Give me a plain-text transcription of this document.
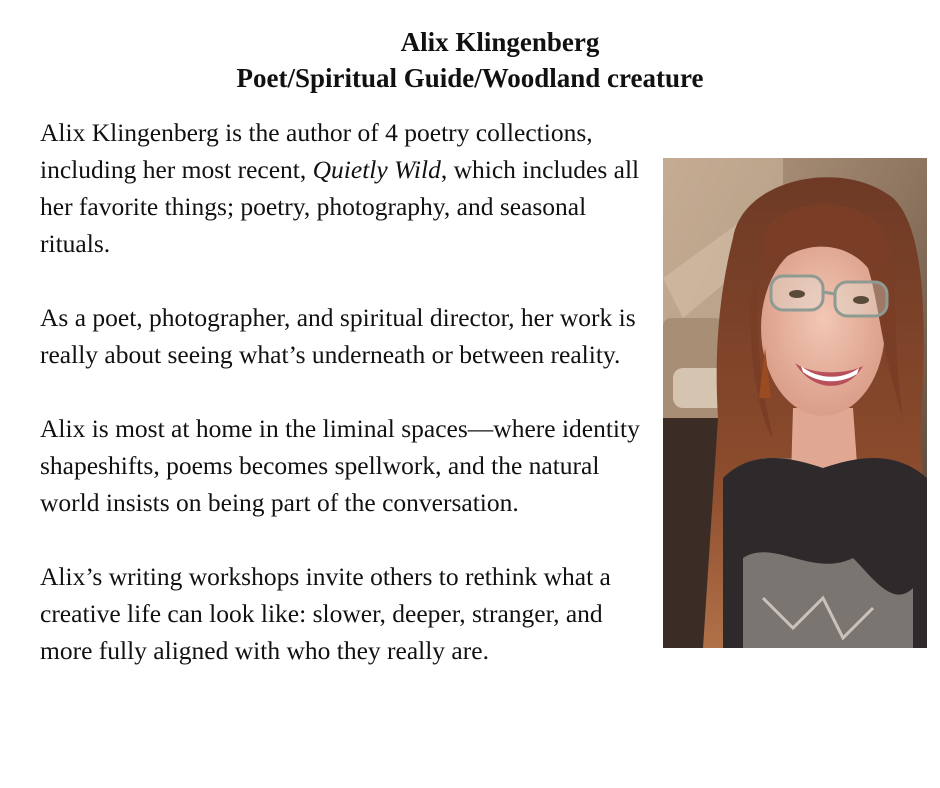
Alix Klingenberg
Poet/Spiritual Guide/Woodland creature

Alix Klingenberg is the author of 4 poetry collections, including her most recent, Quietly Wild, which includes all her favorite things; poetry, photography, and seasonal rituals.

As a poet, photographer, and spiritual director, her work is really about seeing what’s underneath or between reality.

Alix is most at home in the liminal spaces—where identity shapeshifts, poems becomes spellwork, and the natural world insists on being part of the conversation.

Alix’s writing workshops invite others to rethink what a creative life can look like: slower, deeper, stranger, and more fully aligned with who they really are.
